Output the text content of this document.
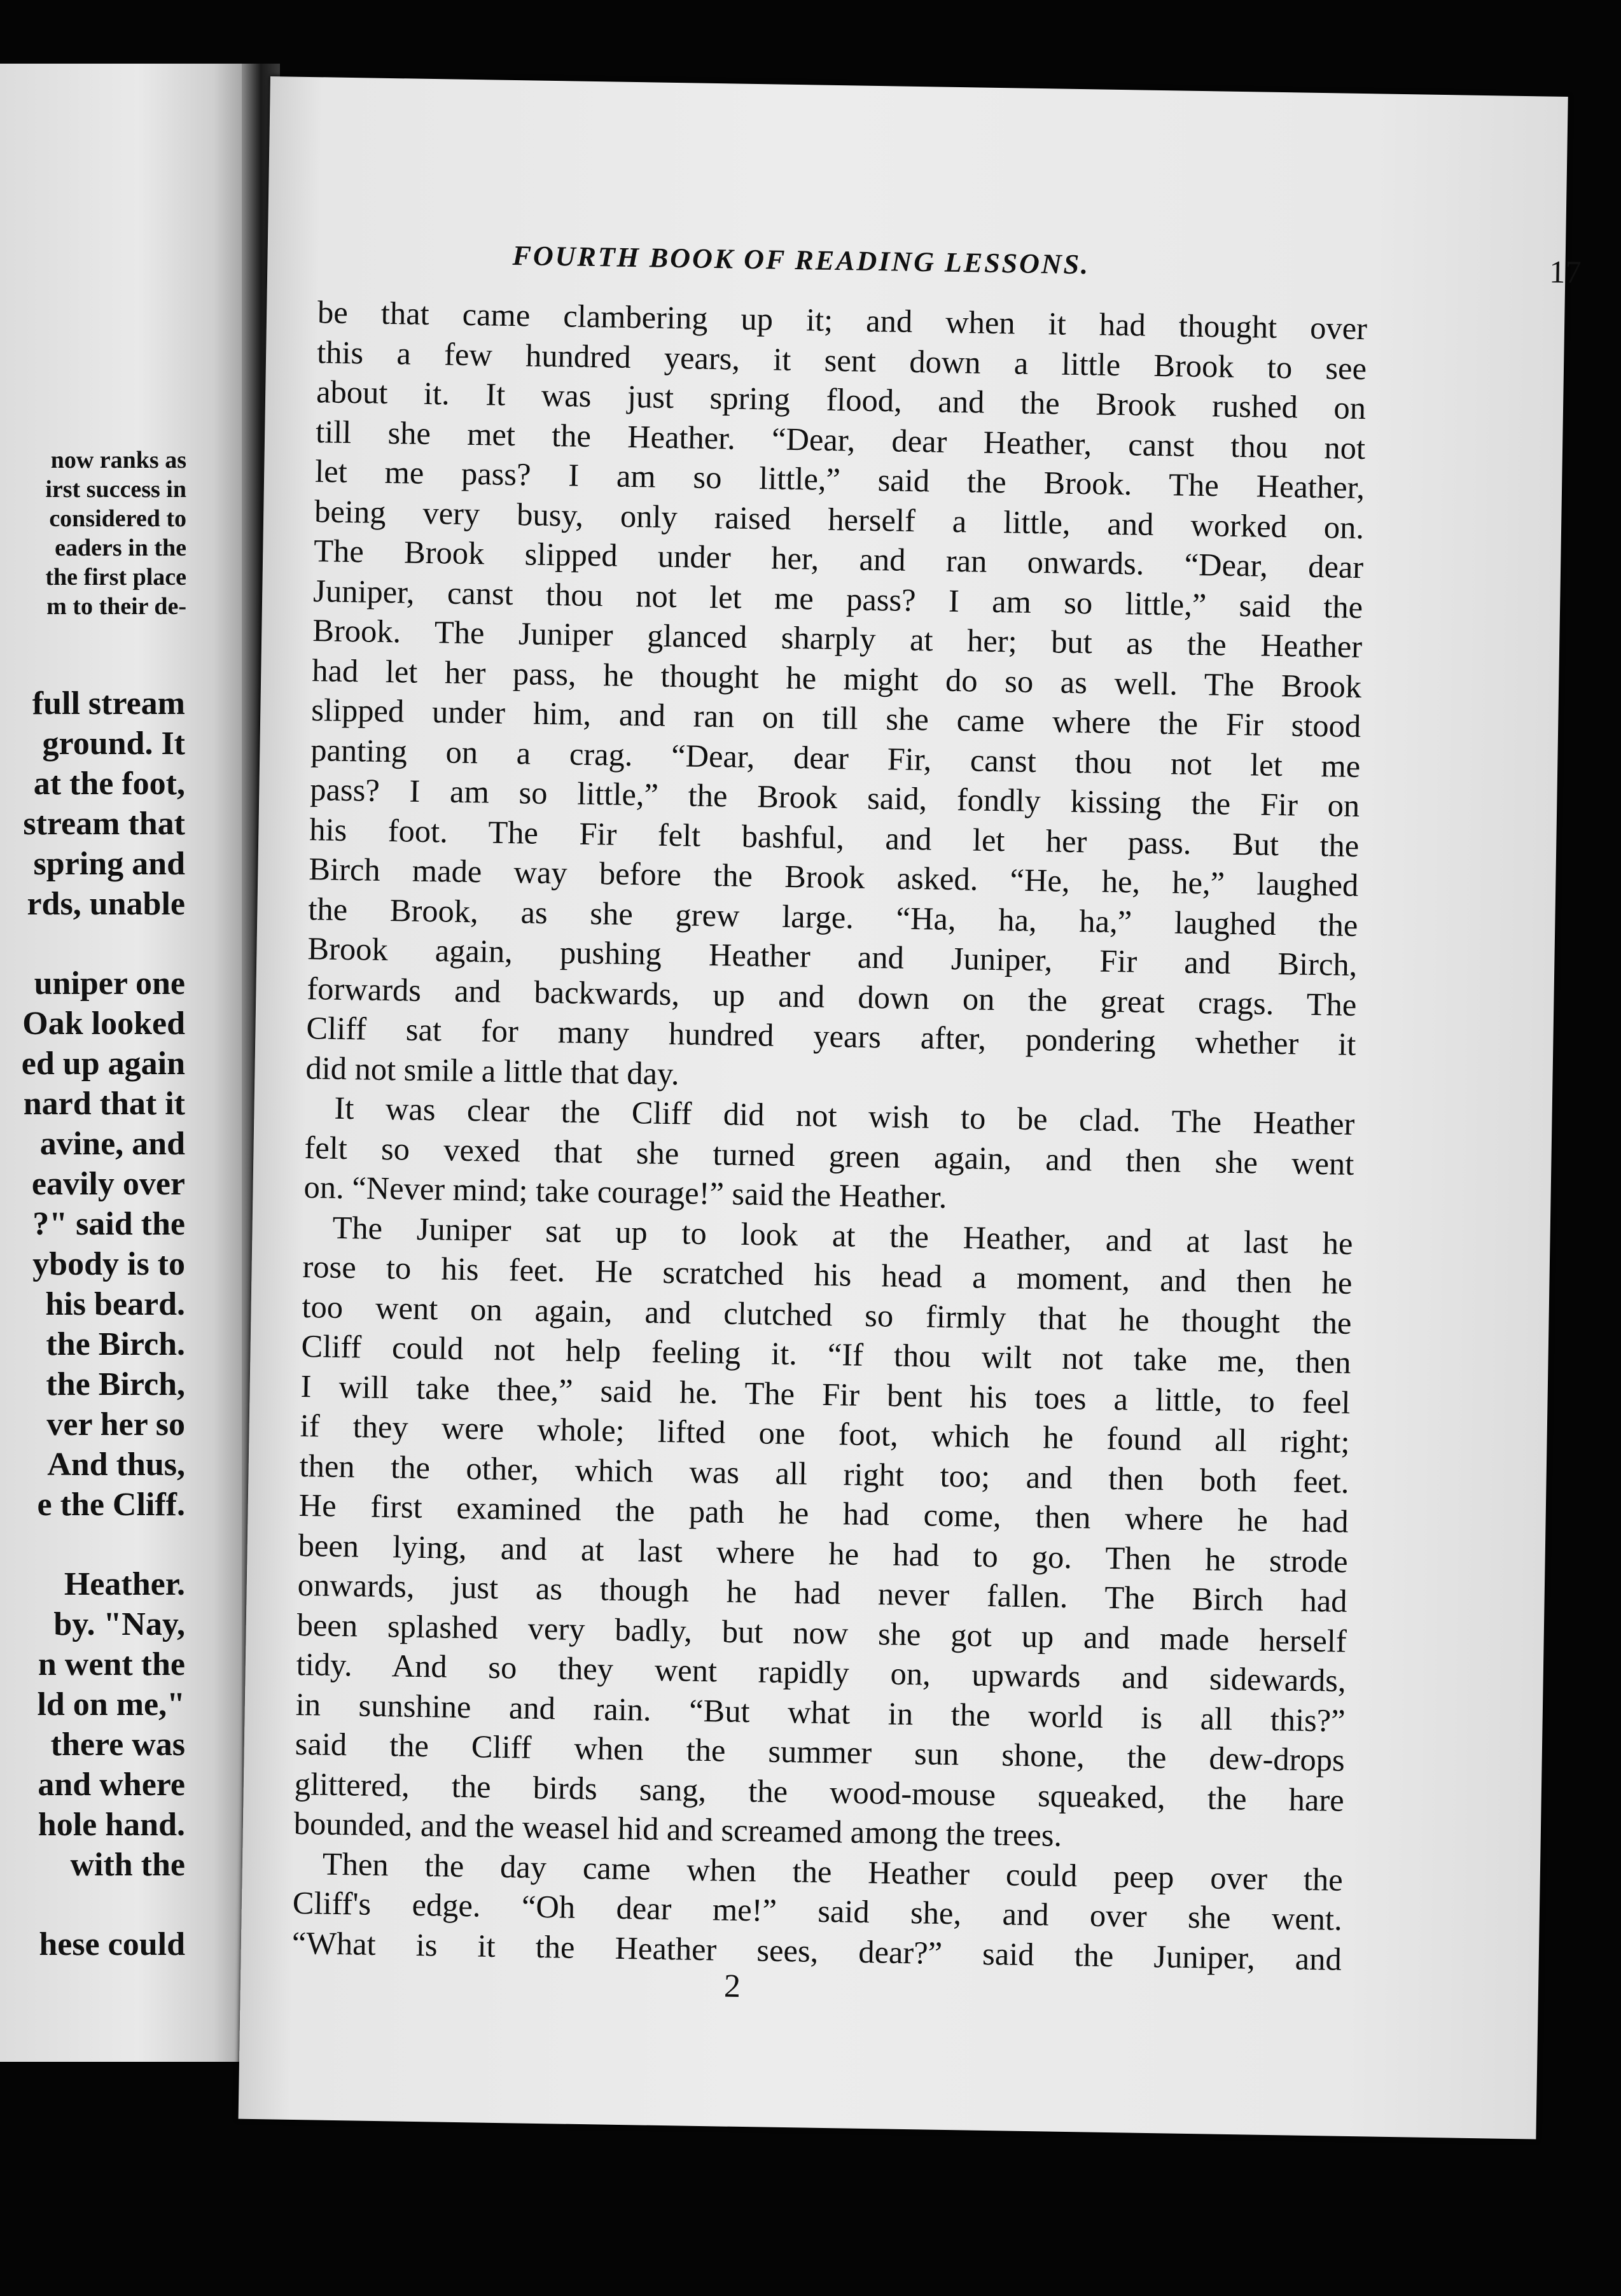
now ranks as
irst success in
considered to
eaders in the
the first place
m to their de-
full stream
ground. It
at the foot,
stream that
spring and
rds, unable
uniper one
Oak looked
ed up again
nard that it
avine, and
eavily over
?" said the
ybody is to
his beard.
the Birch.
the Birch,
ver her so
And thus,
e the Cliff.
Heather.
by. "Nay,
n went the
ld on me,"
there was
and where
hole hand.
with the
hese could
FOURTH BOOK OF READING LESSONS.	17
be that came clambering up it; and when it had thought over
this a few hundred years, it sent down a little Brook to see
about it. It was just spring flood, and the Brook rushed on
till she met the Heather. “Dear, dear Heather, canst thou not
let me pass? I am so little,” said the Brook. The Heather,
being very busy, only raised herself a little, and worked on.
The Brook slipped under her, and ran onwards. “Dear, dear
Juniper, canst thou not let me pass? I am so little,” said the
Brook. The Juniper glanced sharply at her; but as the Heather
had let her pass, he thought he might do so as well. The Brook
slipped under him, and ran on till she came where the Fir stood
panting on a crag. “Dear, dear Fir, canst thou not let me
pass? I am so little,” the Brook said, fondly kissing the Fir on
his foot. The Fir felt bashful, and let her pass. But the
Birch made way before the Brook asked. “He, he, he,” laughed
the Brook, as she grew large. “Ha, ha, ha,” laughed the
Brook again, pushing Heather and Juniper, Fir and Birch,
forwards and backwards, up and down on the great crags. The
Cliff sat for many hundred years after, pondering whether it
did not smile a little that day.
It was clear the Cliff did not wish to be clad. The Heather
felt so vexed that she turned green again, and then she went
on. “Never mind; take courage!” said the Heather.
The Juniper sat up to look at the Heather, and at last he
rose to his feet. He scratched his head a moment, and then he
too went on again, and clutched so firmly that he thought the
Cliff could not help feeling it. “If thou wilt not take me, then
I will take thee,” said he. The Fir bent his toes a little, to feel
if they were whole; lifted one foot, which he found all right;
then the other, which was all right too; and then both feet.
He first examined the path he had come, then where he had
been lying, and at last where he had to go. Then he strode
onwards, just as though he had never fallen. The Birch had
been splashed very badly, but now she got up and made herself
tidy. And so they went rapidly on, upwards and sidewards,
in sunshine and rain. “But what in the world is all this?”
said the Cliff when the summer sun shone, the dew-drops
glittered, the birds sang, the wood-mouse squeaked, the hare
bounded, and the weasel hid and screamed among the trees.
Then the day came when the Heather could peep over the
Cliff's edge. “Oh dear me!” said she, and over she went.
“What is it the Heather sees, dear?” said the Juniper, and
2
